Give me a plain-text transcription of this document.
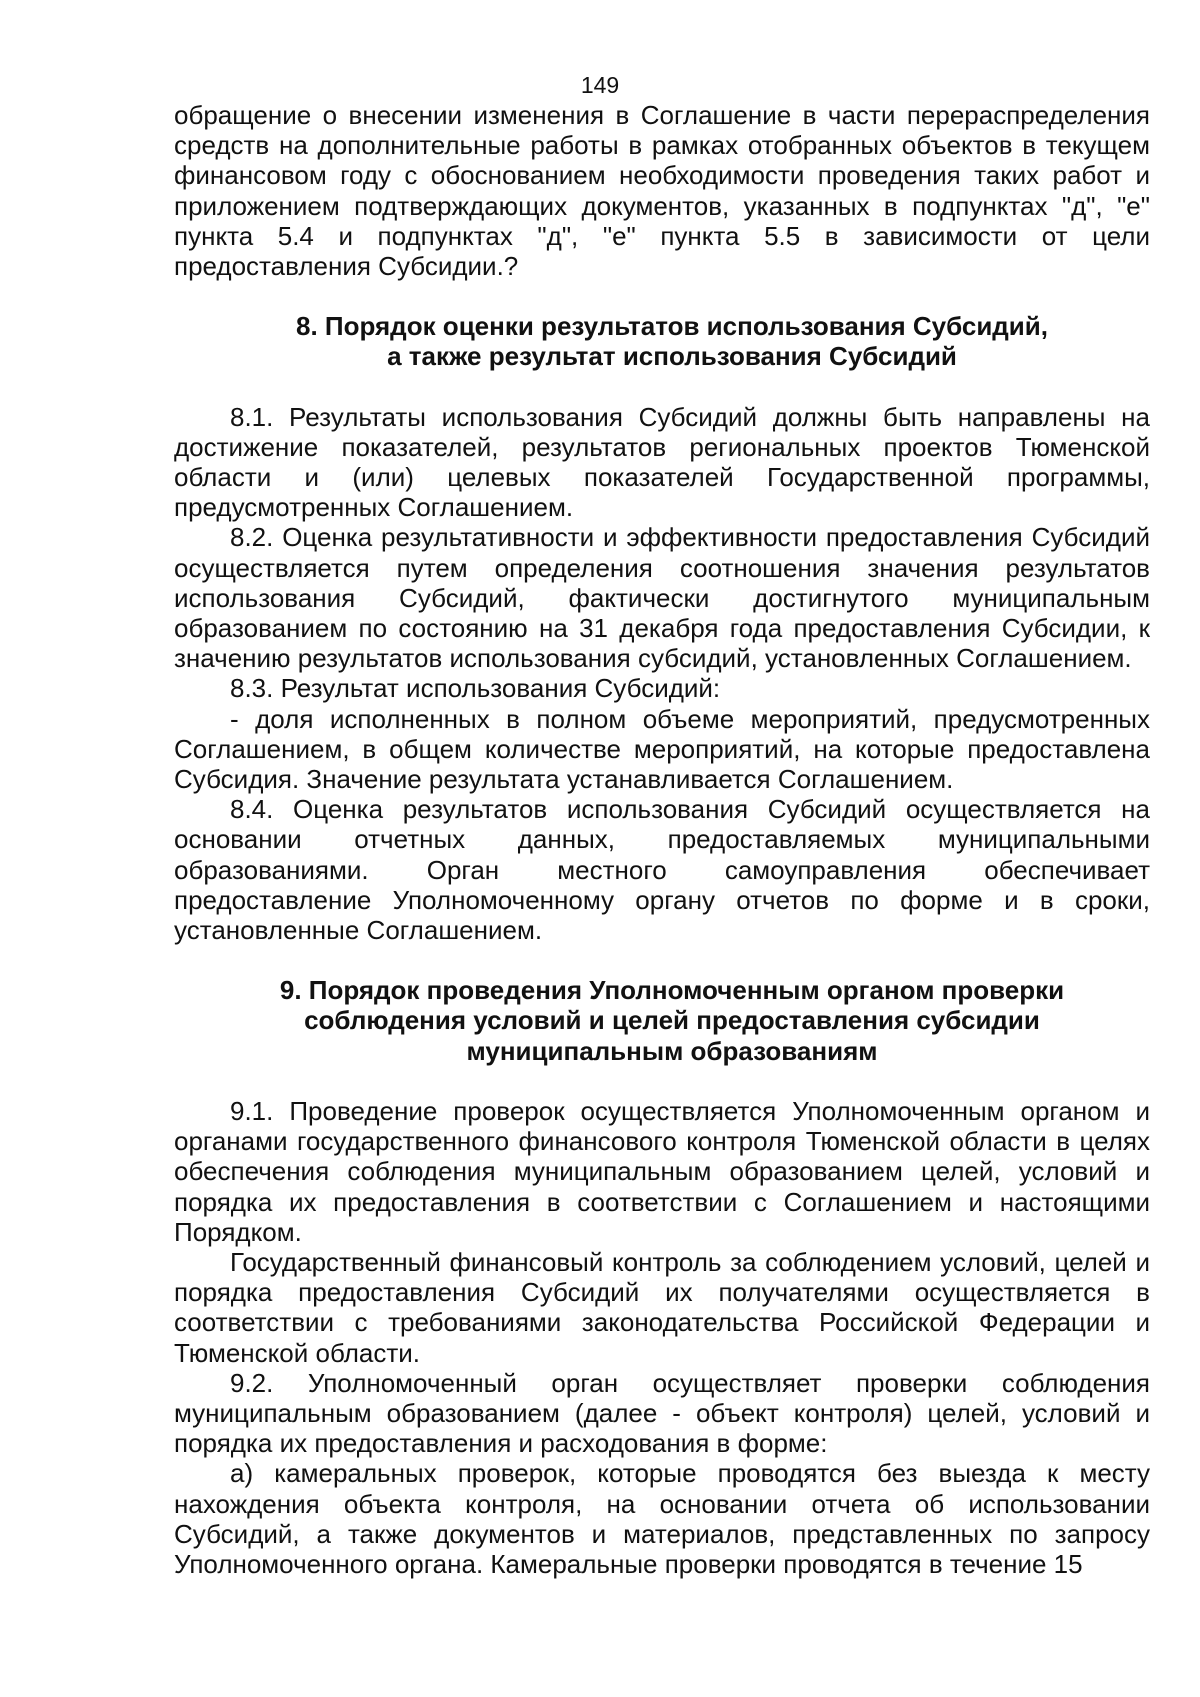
149

обращение о внесении изменения в Соглашение в части перераспределения средств на дополнительные работы в рамках отобранных объектов в текущем финансовом году с обоснованием необходимости проведения таких работ и приложением подтверждающих документов, указанных в подпунктах "д", "е" пункта 5.4 и подпунктах "д", "е" пункта 5.5 в зависимости от цели предоставления Субсидии.?

8. Порядок оценки результатов использования Субсидий,
а также результат использования Субсидий

8.1. Результаты использования Субсидий должны быть направлены на достижение показателей, результатов региональных проектов Тюменской области и (или) целевых показателей Государственной программы, предусмотренных Соглашением.

8.2. Оценка результативности и эффективности предоставления Субсидий осуществляется путем определения соотношения значения результатов использования Субсидий, фактически достигнутого муниципальным образованием по состоянию на 31 декабря года предоставления Субсидии, к значению результатов использования субсидий, установленных Соглашением.

8.3. Результат использования Субсидий:

- доля исполненных в полном объеме мероприятий, предусмотренных Соглашением, в общем количестве мероприятий, на которые предоставлена Субсидия. Значение результата устанавливается Соглашением.

8.4. Оценка результатов использования Субсидий осуществляется на основании отчетных данных, предоставляемых муниципальными образованиями. Орган местного самоуправления обеспечивает предоставление Уполномоченному органу отчетов по форме и в сроки, установленные Соглашением.

9. Порядок проведения Уполномоченным органом проверки
соблюдения условий и целей предоставления субсидии
муниципальным образованиям

9.1. Проведение проверок осуществляется Уполномоченным органом и органами государственного финансового контроля Тюменской области в целях обеспечения соблюдения муниципальным образованием целей, условий и порядка их предоставления в соответствии с Соглашением и настоящими Порядком.

Государственный финансовый контроль за соблюдением условий, целей и порядка предоставления Субсидий их получателями осуществляется в соответствии с требованиями законодательства Российской Федерации и Тюменской области.

9.2. Уполномоченный орган осуществляет проверки соблюдения муниципальным образованием (далее - объект контроля) целей, условий и порядка их предоставления и расходования в форме:

а) камеральных проверок, которые проводятся без выезда к месту нахождения объекта контроля, на основании отчета об использовании Субсидий, а также документов и материалов, представленных по запросу Уполномоченного органа. Камеральные проверки проводятся в течение 15
